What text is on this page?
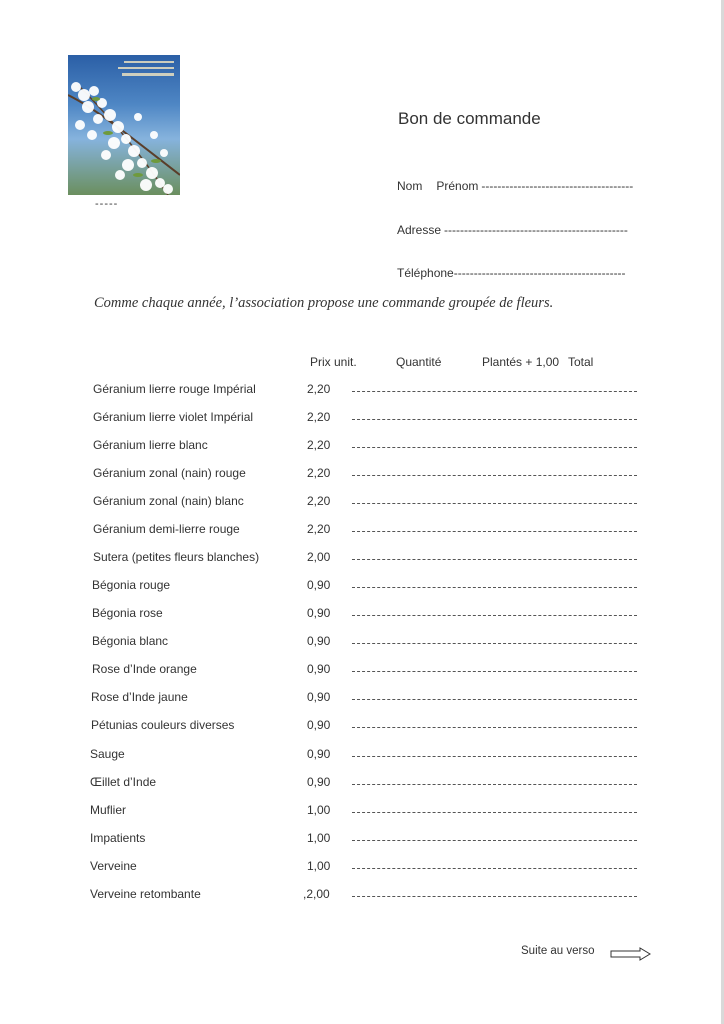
-----
Bon de commande
Nom Prénom --------------------------------------
Adresse ----------------------------------------------
Téléphone-------------------------------------------
Comme chaque année, l’association propose une commande groupée de fleurs.
Prix unit.	Quantité	Plantés + 1,00 Total
Géranium lierre rouge Impérial	2,20
Géranium lierre violet Impérial	2,20
Géranium lierre blanc	2,20
Géranium zonal (nain) rouge	2,20
Géranium zonal (nain) blanc	2,20
Géranium demi-lierre rouge	2,20
Sutera (petites fleurs blanches)	2,00
Bégonia rouge	0,90
Bégonia rose	0,90
Bégonia blanc	0,90
Rose d’Inde orange	0,90
Rose d’Inde jaune	0,90
Pétunias couleurs diverses	0,90
Sauge	0,90
Œillet d’Inde	0,90
Muflier	1,00
Impatients	1,00
Verveine	1,00
Verveine retombante	,2,00
Suite au verso
